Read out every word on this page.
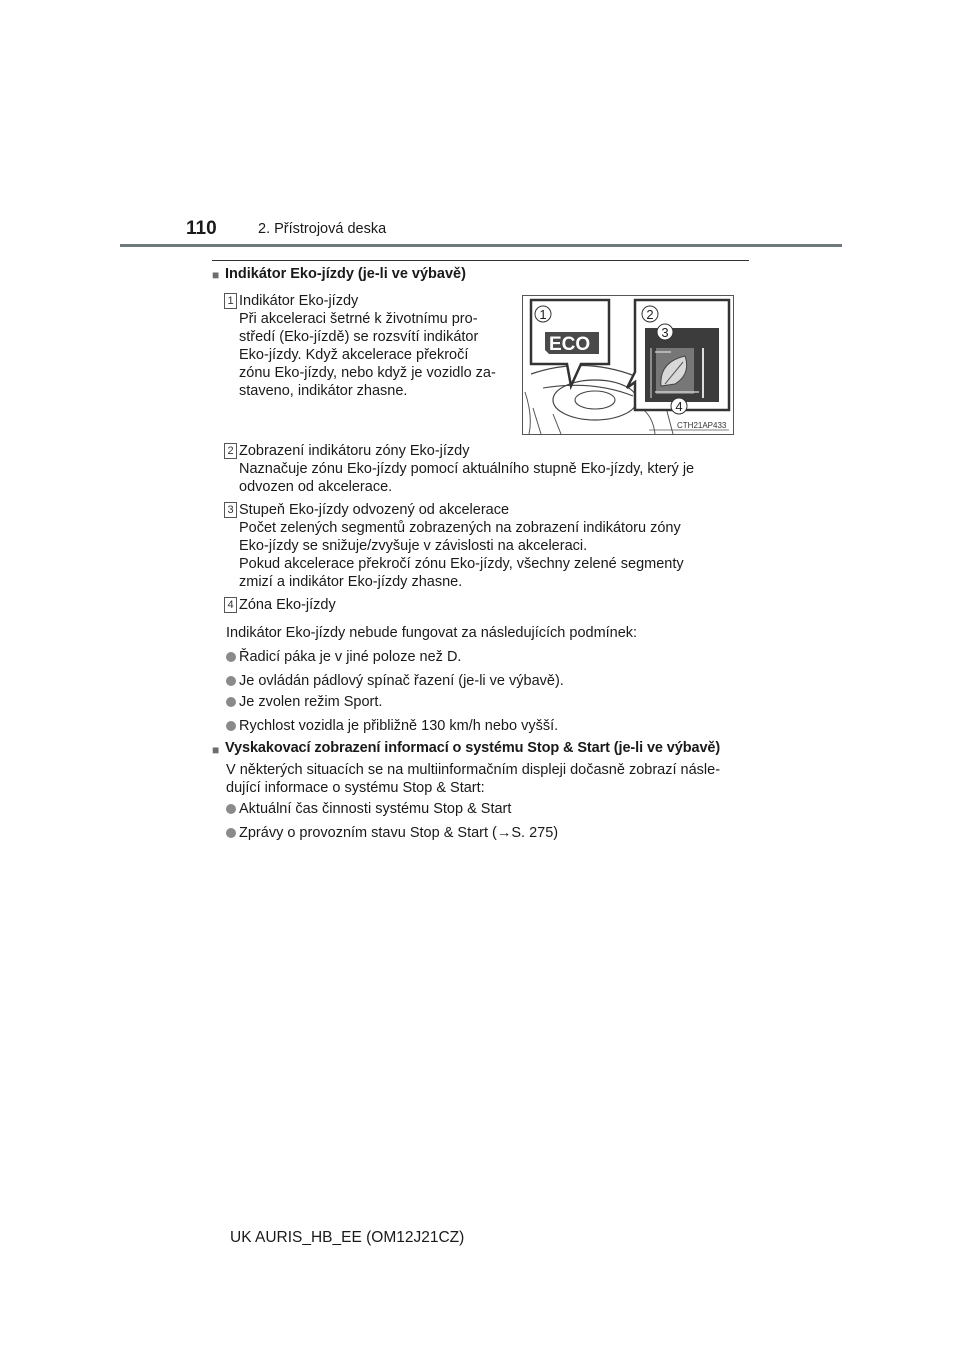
110	2. Přístrojová deska
■ Indikátor Eko-jízdy (je-li ve výbavě)
1 Indikátor Eko-jízdy
Při akceleraci šetrné k životnímu pro-
středí (Eko-jízdě) se rozsvítí indikátor
Eko-jízdy. Když akcelerace překročí
zónu Eko-jízdy, nebo když je vozidlo za-
staveno, indikátor zhasne.
ECO
1	2
3
4
CTH21AP433
2 Zobrazení indikátoru zóny Eko-jízdy
Naznačuje zónu Eko-jízdy pomocí aktuálního stupně Eko-jízdy, který je
odvozen od akcelerace.
3 Stupeň Eko-jízdy odvozený od akcelerace
Počet zelených segmentů zobrazených na zobrazení indikátoru zóny
Eko-jízdy se snižuje/zvyšuje v závislosti na akceleraci.
Pokud akcelerace překročí zónu Eko-jízdy, všechny zelené segmenty
zmizí a indikátor Eko-jízdy zhasne.
4 Zóna Eko-jízdy
Indikátor Eko-jízdy nebude fungovat za následujících podmínek:
Řadicí páka je v jiné poloze než D.
Je ovládán pádlový spínač řazení (je-li ve výbavě).
Je zvolen režim Sport.
Rychlost vozidla je přibližně 130 km/h nebo vyšší.
■ Vyskakovací zobrazení informací o systému Stop & Start (je-li ve výbavě)
V některých situacích se na multiinformačním displeji dočasně zobrazí násle-
dující informace o systému Stop & Start:
Aktuální čas činnosti systému Stop & Start
Zprávy o provozním stavu Stop & Start (→S. 275)
UK AURIS_HB_EE (OM12J21CZ)
